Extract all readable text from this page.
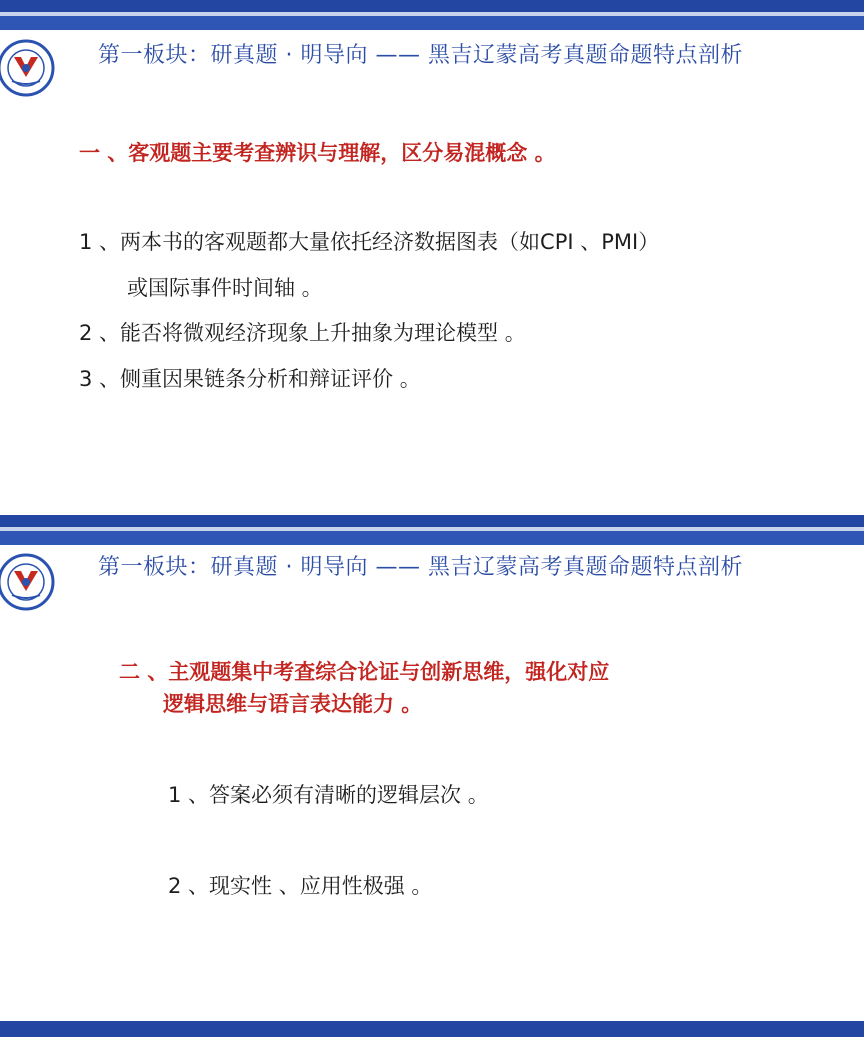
第一板块：研真题 · 明导向 —— 黑吉辽蒙高考真题命题特点剖析
一 、客观题主要考查辨识与理解，区分易混概念 。
1 、两本书的客观题都大量依托经济数据图表（如CPI 、PMI）
或国际事件时间轴 。
2 、能否将微观经济现象上升抽象为理论模型 。
3 、侧重因果链条分析和辩证评价 。
第一板块：研真题 · 明导向 —— 黑吉辽蒙高考真题命题特点剖析
二 、主观题集中考查综合论证与创新思维，强化对应
逻辑思维与语言表达能力 。
1 、答案必须有清晰的逻辑层次 。
2 、现实性 、应用性极强 。
